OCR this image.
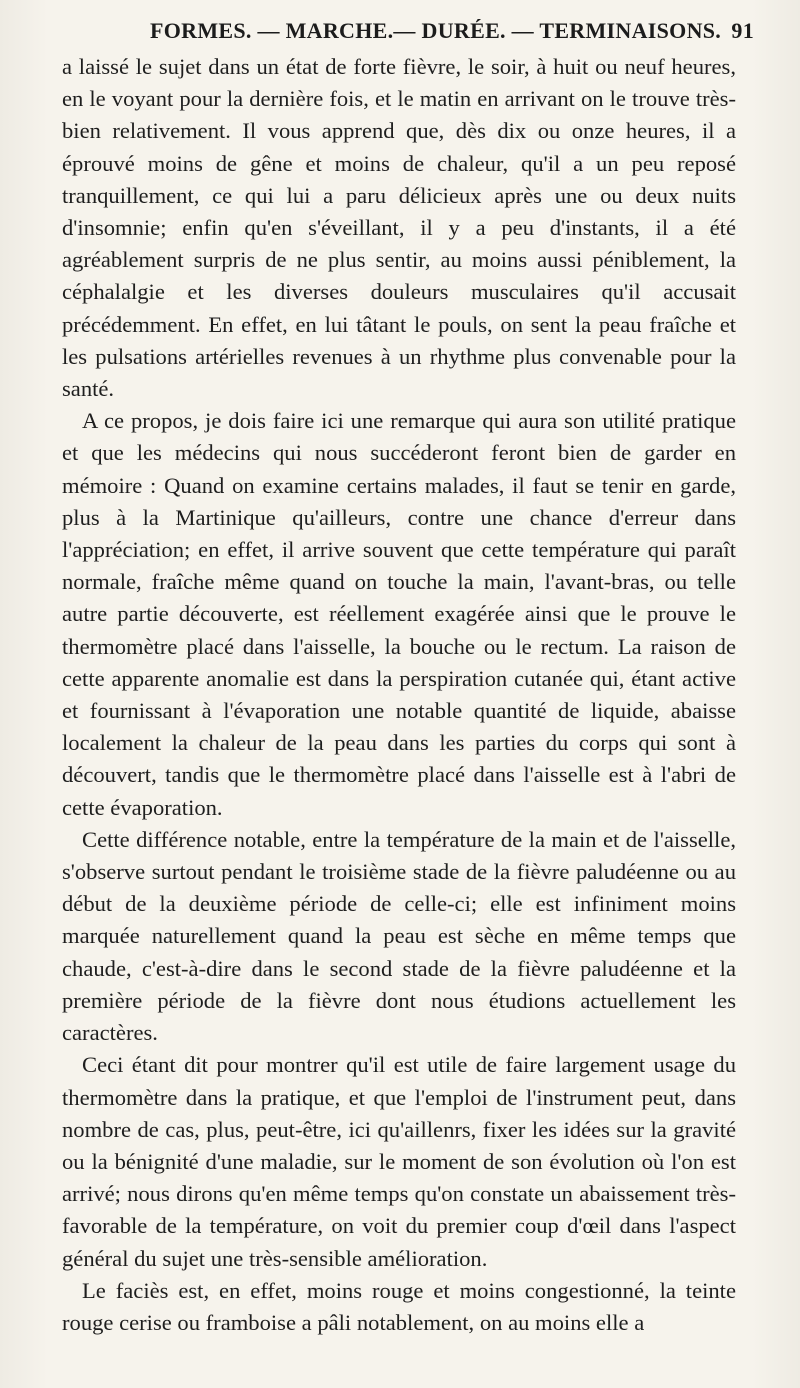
FORMES. — MARCHE.— DURÉE. — TERMINAISONS. 91

a laissé le sujet dans un état de forte fièvre, le soir, à huit ou neuf heures, en le voyant pour la dernière fois, et le matin en arrivant on le trouve très-bien relativement. Il vous apprend que, dès dix ou onze heures, il a éprouvé moins de gêne et moins de chaleur, qu'il a un peu reposé tranquillement, ce qui lui a paru délicieux après une ou deux nuits d'insomnie; enfin qu'en s'éveillant, il y a peu d'instants, il a été agréablement surpris de ne plus sentir, au moins aussi péniblement, la céphalalgie et les diverses douleurs musculaires qu'il accusait précédemment. En effet, en lui tâtant le pouls, on sent la peau fraîche et les pulsations artérielles revenues à un rhythme plus convenable pour la santé.

A ce propos, je dois faire ici une remarque qui aura son utilité pratique et que les médecins qui nous succéderont feront bien de garder en mémoire : Quand on examine certains malades, il faut se tenir en garde, plus à la Martinique qu'ailleurs, contre une chance d'erreur dans l'appréciation; en effet, il arrive souvent que cette température qui paraît normale, fraîche même quand on touche la main, l'avant-bras, ou telle autre partie découverte, est réellement exagérée ainsi que le prouve le thermomètre placé dans l'aisselle, la bouche ou le rectum. La raison de cette apparente anomalie est dans la perspiration cutanée qui, étant active et fournissant à l'évaporation une notable quantité de liquide, abaisse localement la chaleur de la peau dans les parties du corps qui sont à découvert, tandis que le thermomètre placé dans l'aisselle est à l'abri de cette évaporation.

Cette différence notable, entre la température de la main et de l'aisselle, s'observe surtout pendant le troisième stade de la fièvre paludéenne ou au début de la deuxième période de celle-ci; elle est infiniment moins marquée naturellement quand la peau est sèche en même temps que chaude, c'est-à-dire dans le second stade de la fièvre paludéenne et la première période de la fièvre dont nous étudions actuellement les caractères.

Ceci étant dit pour montrer qu'il est utile de faire largement usage du thermomètre dans la pratique, et que l'emploi de l'instrument peut, dans nombre de cas, plus, peut-être, ici qu'aillenrs, fixer les idées sur la gravité ou la bénignité d'une maladie, sur le moment de son évolution où l'on est arrivé; nous dirons qu'en même temps qu'on constate un abaissement très-favorable de la température, on voit du premier coup d'œil dans l'aspect général du sujet une très-sensible amélioration.

Le faciès est, en effet, moins rouge et moins congestionné, la teinte rouge cerise ou framboise a pâli notablement, on au moins elle a
